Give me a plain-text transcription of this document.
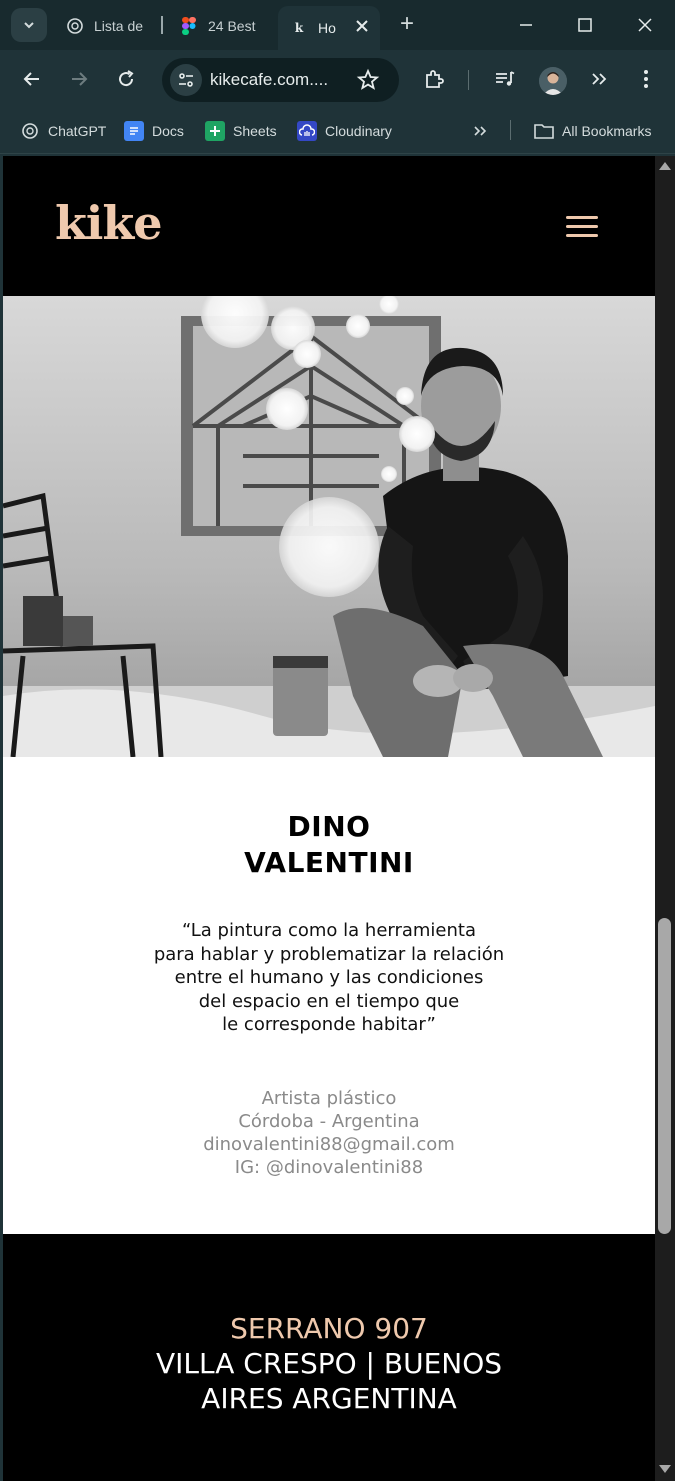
Lista de	24 Best	k	Ho	+
kikecafe.com....
ChatGPT	Docs	Sheets	Cloudinary	All Bookmarks
kike
DINO
VALENTINI

“La pintura como la herramienta
para hablar y problematizar la relación
entre el humano y las condiciones
del espacio en el tiempo que
le corresponde habitar”

Artista plástico
Córdoba - Argentina
dinovalentini88@gmail.com
IG: @dinovalentini88
SERRANO 907
VILLA CRESPO | BUENOS
AIRES ARGENTINA
